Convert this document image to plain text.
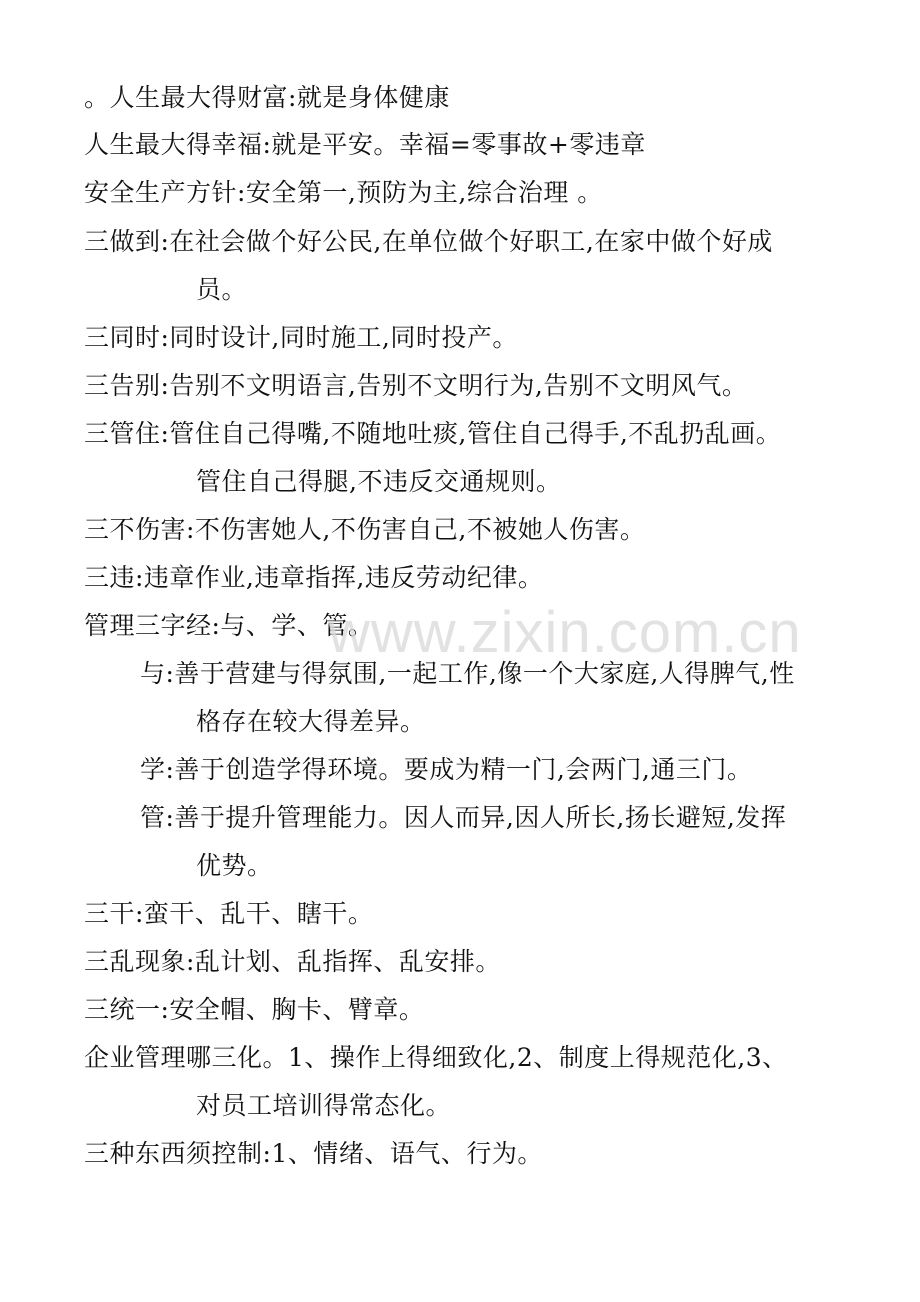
。人生最大得财富:就是身体健康
人生最大得幸福:就是平安。幸福=零事故+零违章
安全生产方针:安全第一,预防为主,综合治理 。
三做到:在社会做个好公民,在单位做个好职工,在家中做个好成
员。
三同时:同时设计,同时施工,同时投产。
三告别:告别不文明语言,告别不文明行为,告别不文明风气。
三管住:管住自己得嘴,不随地吐痰,管住自己得手,不乱扔乱画。
管住自己得腿,不违反交通规则。
三不伤害:不伤害她人,不伤害自己,不被她人伤害。
三违:违章作业,违章指挥,违反劳动纪律。
管理三字经:与、学、管。
与:善于营建与得氛围,一起工作,像一个大家庭,人得脾气,性
格存在较大得差异。
学:善于创造学得环境。要成为精一门,会两门,通三门。
管:善于提升管理能力。因人而异,因人所长,扬长避短,发挥
优势。
三干:蛮干、乱干、瞎干。
三乱现象:乱计划、乱指挥、乱安排。
三统一:安全帽、胸卡、臂章。
企业管理哪三化。1、操作上得细致化,2、制度上得规范化,3、
对员工培训得常态化。
三种东西须控制:1、情绪、语气、行为。
www.zixin.com.cn
